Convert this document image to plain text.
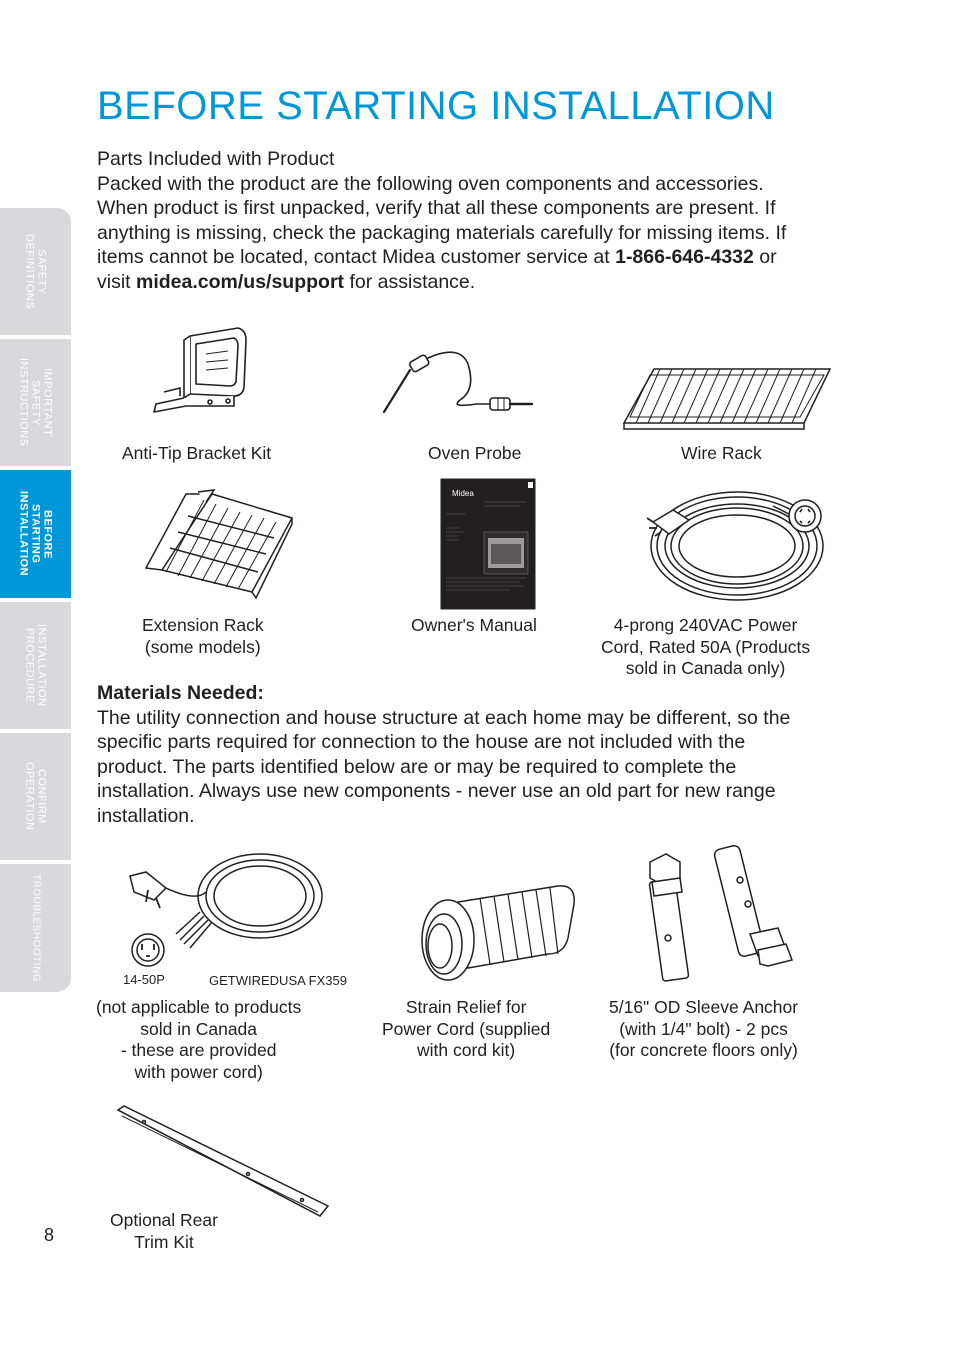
BEFORE STARTING INSTALLATION
SAFETY
DEFINITIONS
IMPORTANT
SAFETY
INSTRUCTIONS
BEFORE
STARTING
INSTALLATION
INSTALLATION
PROCEDURE
CONFIRM
OPERATION
TROUBLESHOOTING
Parts Included with Product
Packed with the product are the following oven components and accessories. When product is first unpacked, verify that all these components are present. If anything is missing, check the packaging materials carefully for missing items. If items cannot be located, contact Midea customer service at 1-866-646-4332 or visit midea.com/us/support for assistance.
Anti-Tip Bracket Kit	Oven Probe	Wire Rack
Extension Rack
(some models)
Midea
Owner's Manual	4-prong 240VAC Power
Cord, Rated 50A (Products
sold in Canada only)
Materials Needed:
The utility connection and house structure at each home may be different, so the specific parts required for connection to the house are not included with the product. The parts identified below are or may be required to complete the installation. Always use new components - never use an old part for new range installation.
14-50P	GETWIREDUSA FX359
(not applicable to products
sold in Canada
- these are provided
with power cord)
Strain Relief for
Power Cord (supplied
with cord kit)
5/16" OD Sleeve Anchor
(with 1/4" bolt) - 2 pcs
(for concrete floors only)
Optional Rear
Trim Kit
8
